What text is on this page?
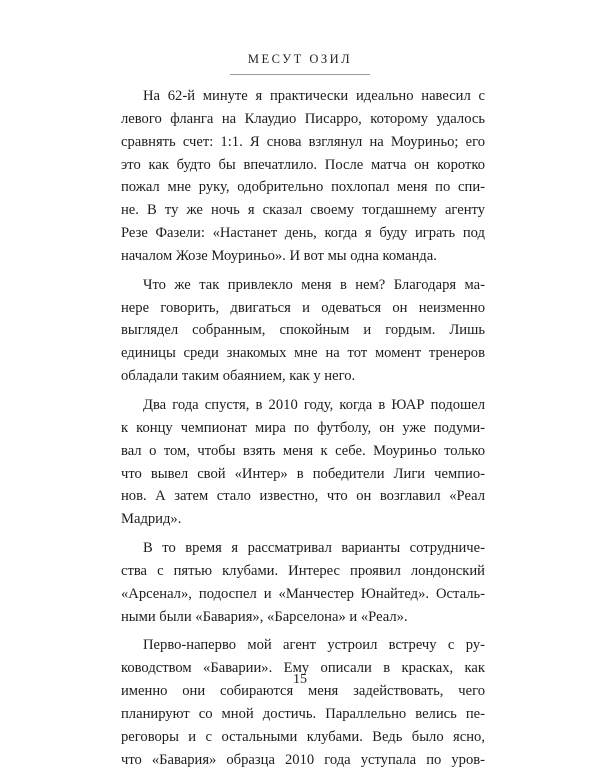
МЕСУТ ОЗИЛ

На 62-й минуте я практически идеально навесил с
левого фланга на Клаудио Писарро, которому удалось
сравнять счет: 1:1. Я снова взглянул на Моуриньо; его
это как будто бы впечатлило. После матча он коротко
пожал мне руку, одобрительно похлопал меня по спи-
не. В ту же ночь я сказал своему тогдашнему агенту
Резе Фазели: «Настанет день, когда я буду играть под
началом Жозе Моуриньо». И вот мы одна команда.

Что же так привлекло меня в нем? Благодаря ма-
нере говорить, двигаться и одеваться он неизменно
выглядел собранным, спокойным и гордым. Лишь
единицы среди знакомых мне на тот момент тренеров
обладали таким обаянием, как у него.

Два года спустя, в 2010 году, когда в ЮАР подошел
к концу чемпионат мира по футболу, он уже подуми-
вал о том, чтобы взять меня к себе. Моуриньо только
что вывел свой «Интер» в победители Лиги чемпио-
нов. А затем стало известно, что он возглавил «Реал
Мадрид».

В то время я рассматривал варианты сотрудниче-
ства с пятью клубами. Интерес проявил лондонский
«Арсенал», подоспел и «Манчестер Юнайтед». Осталь-
ными были «Бавария», «Барселона» и «Реал».

Перво-наперво мой агент устроил встречу с ру-
ководством «Баварии». Ему описали в красках, как
именно они собираются меня задействовать, чего
планируют со мной достичь. Параллельно велись пе-
реговоры и с остальными клубами. Ведь было ясно,
что «Бавария» образца 2010 года уступала по уров-

15
